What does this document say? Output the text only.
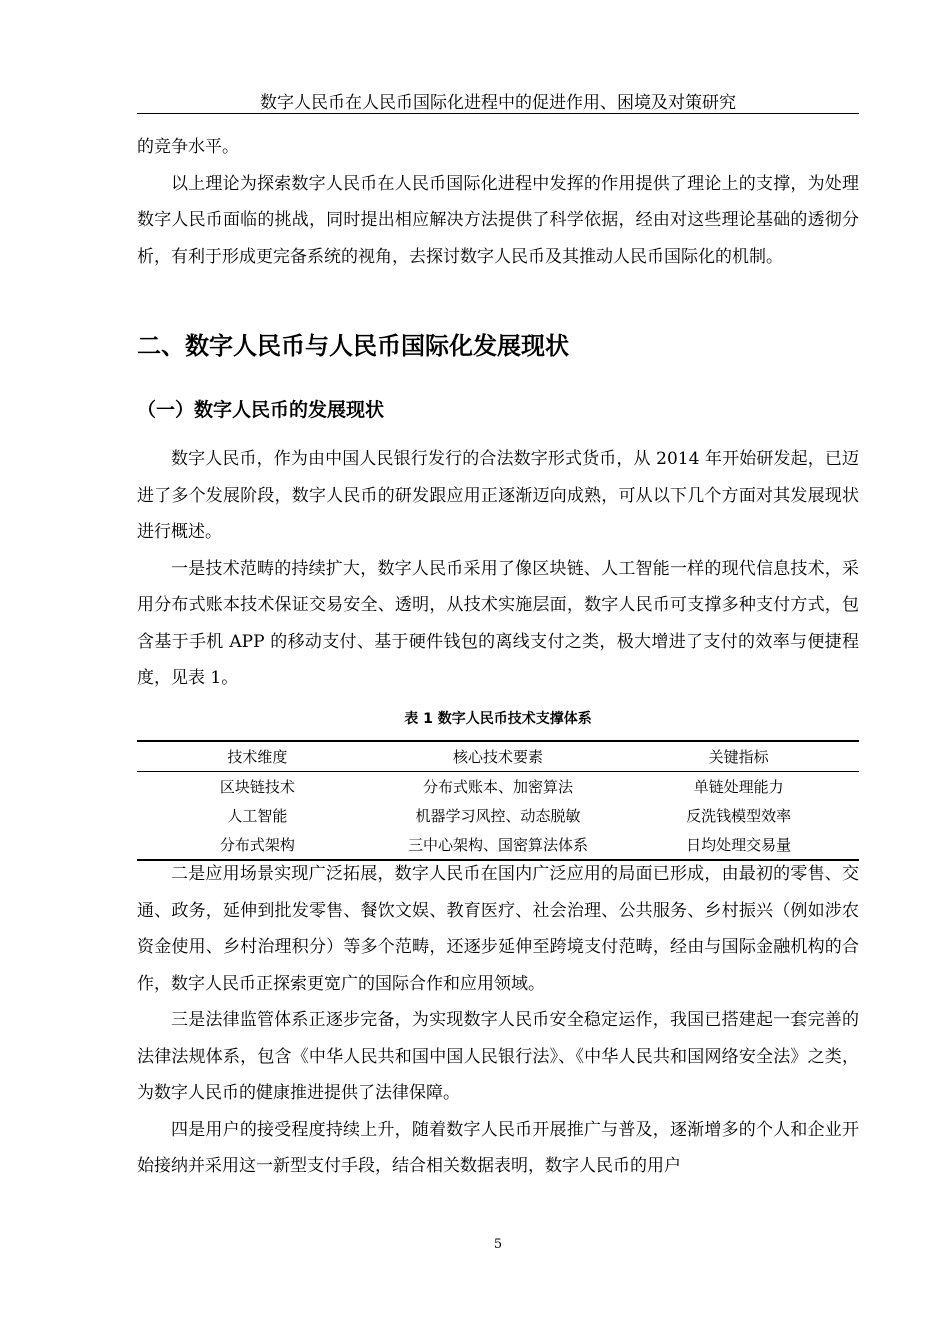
数字人民币在人民币国际化进程中的促进作用、困境及对策研究

的竞争水平。

以上理论为探索数字人民币在人民币国际化进程中发挥的作用提供了理论上的支撑，为处理数字人民币面临的挑战，同时提出相应解决方法提供了科学依据，经由对这些理论基础的透彻分析，有利于形成更完备系统的视角，去探讨数字人民币及其推动人民币国际化的机制。

二、数字人民币与人民币国际化发展现状
（一）数字人民币的发展现状

数字人民币，作为由中国人民银行发行的合法数字形式货币，从 2014 年开始研发起，已迈进了多个发展阶段，数字人民币的研发跟应用正逐渐迈向成熟，可从以下几个方面对其发展现状进行概述。

一是技术范畴的持续扩大，数字人民币采用了像区块链、人工智能一样的现代信息技术，采用分布式账本技术保证交易安全、透明，从技术实施层面，数字人民币可支撑多种支付方式，包含基于手机 APP 的移动支付、基于硬件钱包的离线支付之类，极大增进了支付的效率与便捷程度，见表 1。

表 1 数字人民币技术支撑体系
技术维度	核心技术要素	关键指标
区块链技术	分布式账本、加密算法	单链处理能力
人工智能	机器学习风控、动态脱敏	反洗钱模型效率
分布式架构	三中心架构、国密算法体系	日均处理交易量

二是应用场景实现广泛拓展，数字人民币在国内广泛应用的局面已形成，由最初的零售、交通、政务，延伸到批发零售、餐饮文娱、教育医疗、社会治理、公共服务、乡村振兴（例如涉农资金使用、乡村治理积分）等多个范畴，还逐步延伸至跨境支付范畴，经由与国际金融机构的合作，数字人民币正探索更宽广的国际合作和应用领域。

三是法律监管体系正逐步完备，为实现数字人民币安全稳定运作，我国已搭建起一套完善的法律法规体系，包含《中华人民共和国中国人民银行法》、《中华人民共和国网络安全法》之类，为数字人民币的健康推进提供了法律保障。

四是用户的接受程度持续上升，随着数字人民币开展推广与普及，逐渐增多的个人和企业开始接纳并采用这一新型支付手段，结合相关数据表明，数字人民币的用户

5
